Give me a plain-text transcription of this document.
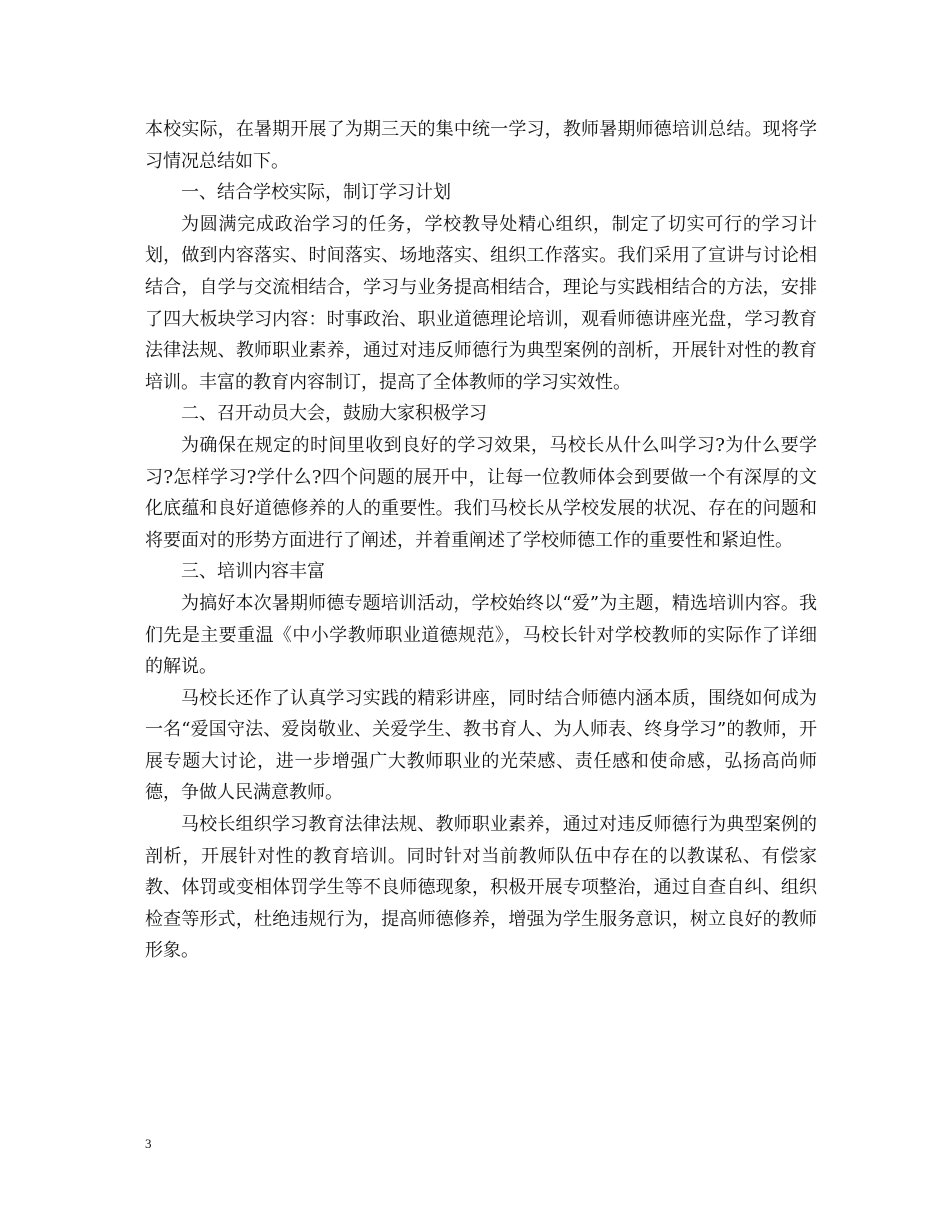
本校实际，在暑期开展了为期三天的集中统一学习，教师暑期师德培训总结。现将学习情况总结如下。

一、结合学校实际，制订学习计划

为圆满完成政治学习的任务，学校教导处精心组织，制定了切实可行的学习计划，做到内容落实、时间落实、场地落实、组织工作落实。我们采用了宣讲与讨论相结合，自学与交流相结合，学习与业务提高相结合，理论与实践相结合的方法，安排了四大板块学习内容：时事政治、职业道德理论培训，观看师德讲座光盘，学习教育法律法规、教师职业素养，通过对违反师德行为典型案例的剖析，开展针对性的教育培训。丰富的教育内容制订，提高了全体教师的学习实效性。

二、召开动员大会，鼓励大家积极学习

为确保在规定的时间里收到良好的学习效果，马校长从什么叫学习?为什么要学习?怎样学习?学什么?四个问题的展开中，让每一位教师体会到要做一个有深厚的文化底蕴和良好道德修养的人的重要性。我们马校长从学校发展的状况、存在的问题和将要面对的形势方面进行了阐述，并着重阐述了学校师德工作的重要性和紧迫性。

三、培训内容丰富

为搞好本次暑期师德专题培训活动，学校始终以“爱”为主题，精选培训内容。我们先是主要重温《中小学教师职业道德规范》，马校长针对学校教师的实际作了详细的解说。

马校长还作了认真学习实践的精彩讲座，同时结合师德内涵本质，围绕如何成为一名“爱国守法、爱岗敬业、关爱学生、教书育人、为人师表、终身学习”的教师，开展专题大讨论，进一步增强广大教师职业的光荣感、责任感和使命感，弘扬高尚师德，争做人民满意教师。

马校长组织学习教育法律法规、教师职业素养，通过对违反师德行为典型案例的剖析，开展针对性的教育培训。同时针对当前教师队伍中存在的以教谋私、有偿家教、体罚或变相体罚学生等不良师德现象，积极开展专项整治，通过自查自纠、组织检查等形式，杜绝违规行为，提高师德修养，增强为学生服务意识，树立良好的教师形象。

3
